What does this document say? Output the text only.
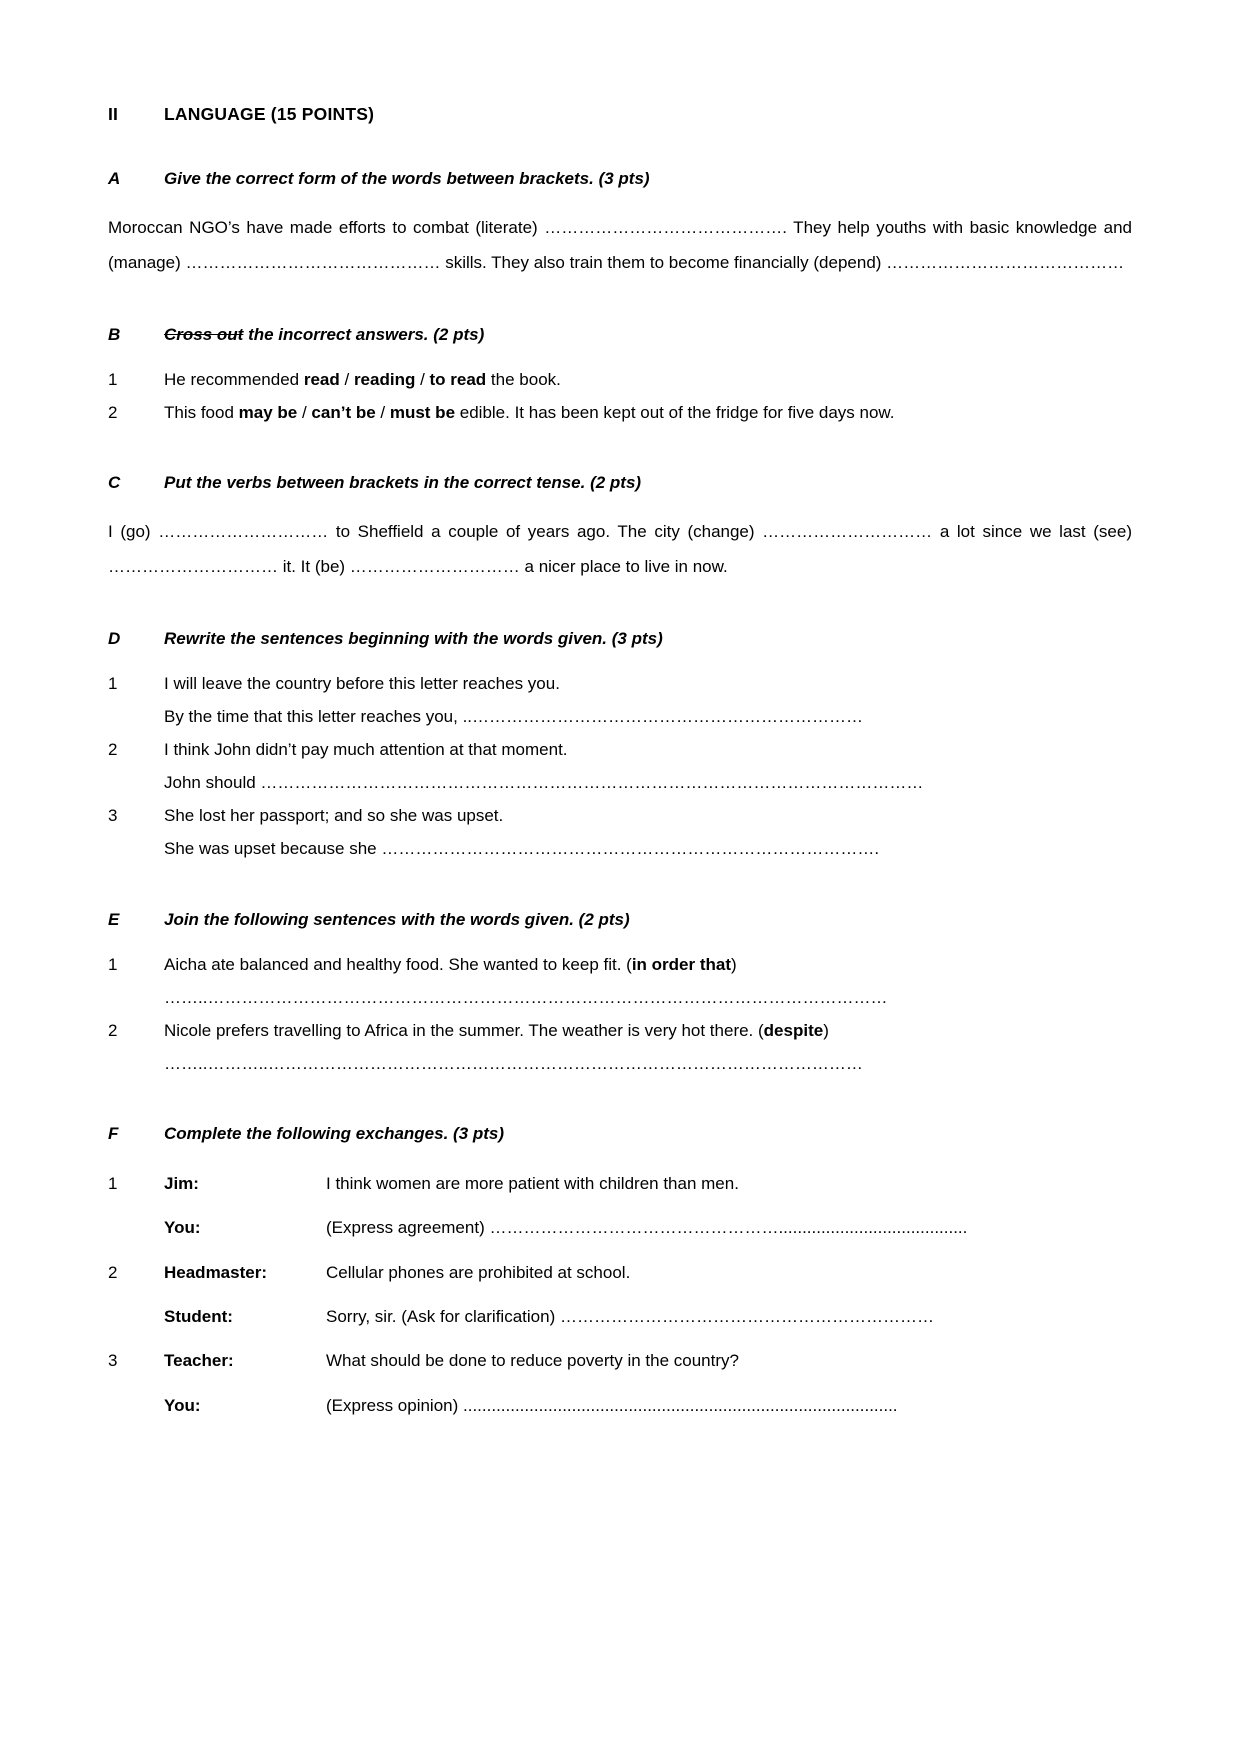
II	LANGUAGE (15 POINTS)
A	Give the correct form of the words between brackets. (3 pts)
Moroccan NGO’s have made efforts to combat (literate) ……………………………………. They help youths with basic knowledge and (manage) ……………………………………… skills. They also train them to become financially (depend) ……………………………………
B	Cross out the incorrect answers. (2 pts)
1	He recommended read / reading / to read the book.
2	This food may be / can’t be / must be edible. It has been kept out of the fridge for five days now.
C	Put the verbs between brackets in the correct tense. (2 pts)
I (go) ………………………… to Sheffield a couple of years ago. The city (change) ………………………… a lot since we last (see) ………………………… it. It (be) ………………………… a nicer place to live in now.
D	Rewrite the sentences beginning with the words given. (3 pts)
1	I will leave the country before this letter reaches you.
By the time that this letter reaches you, ..……………………………………………………………
2	I think John didn’t pay much attention at that moment.
John should ………………………………………………………………………………………………………
3	She lost her passport; and so she was upset.
She was upset because she …………………………………………………………………………….
E	Join the following sentences with the words given. (2 pts)
1	Aicha ate balanced and healthy food. She wanted to keep fit. (in order that)
……..…………………………………………………………………………………………………………
2	Nicole prefers travelling to Africa in the summer. The weather is very hot there. (despite)
……..………..……………………………………………………………………………………………
F	Complete the following exchanges. (3 pts)
1	Jim:	I think women are more patient with children than men.
You:	(Express agreement) ……………………………………………........................................
2	Headmaster:	Cellular phones are prohibited at school.
Student:	Sorry, sir. (Ask for clarification) …………………………………………………………
3	Teacher:	What should be done to reduce poverty in the country?
You:	(Express opinion) ............................................................................................
